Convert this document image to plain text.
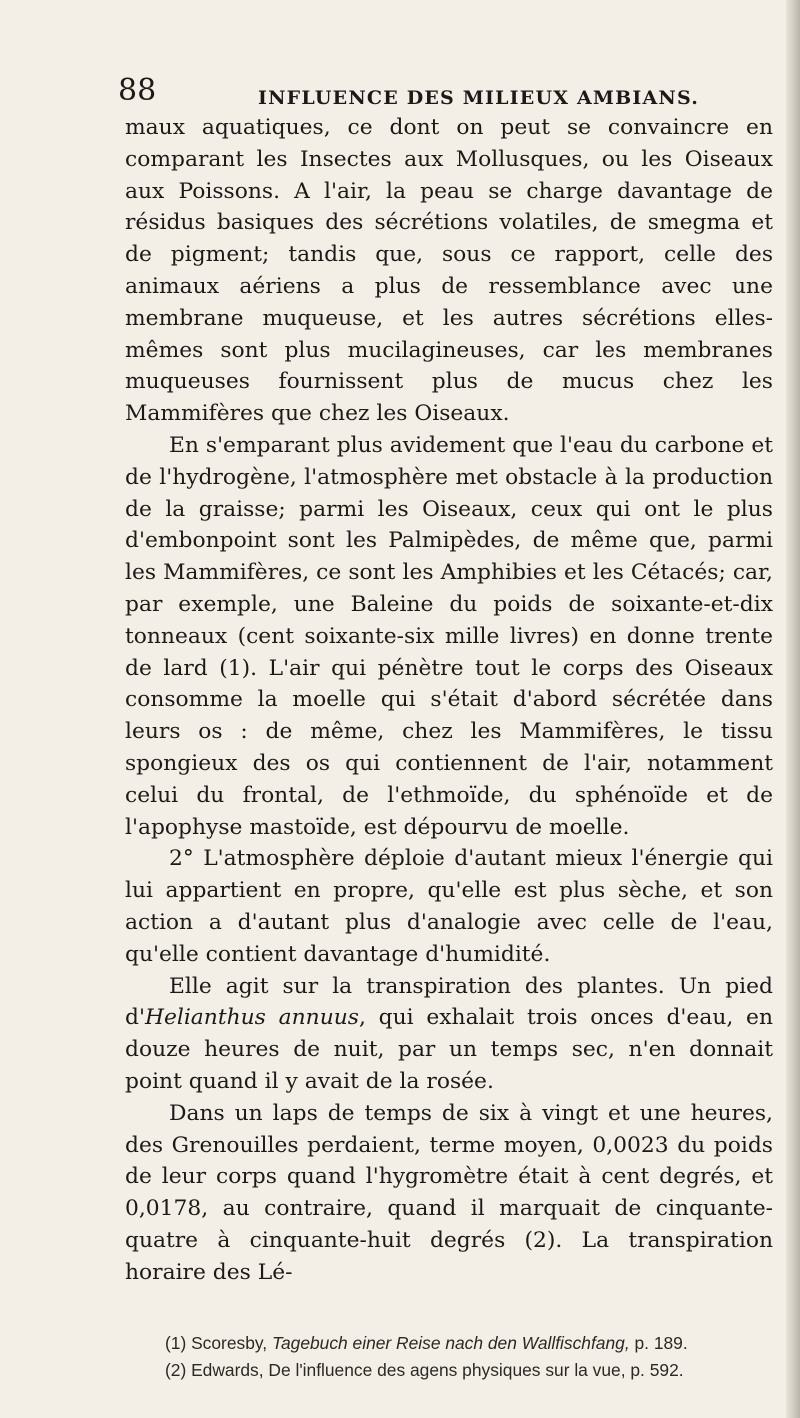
88	INFLUENCE DES MILIEUX AMBIANS.

maux aquatiques, ce dont on peut se convaincre en comparant les Insectes aux Mollusques, ou les Oiseaux aux Poissons. A l'air, la peau se charge davantage de résidus basiques des sécrétions volatiles, de smegma et de pigment; tandis que, sous ce rapport, celle des animaux aériens a plus de ressemblance avec une membrane muqueuse, et les autres sécrétions elles-mêmes sont plus mucilagineuses, car les membranes muqueuses fournissent plus de mucus chez les Mammifères que chez les Oiseaux.

En s'emparant plus avidement que l'eau du carbone et de l'hydrogène, l'atmosphère met obstacle à la production de la graisse; parmi les Oiseaux, ceux qui ont le plus d'embonpoint sont les Palmipèdes, de même que, parmi les Mammifères, ce sont les Amphibies et les Cétacés; car, par exemple, une Baleine du poids de soixante-et-dix tonneaux (cent soixante-six mille livres) en donne trente de lard (1). L'air qui pénètre tout le corps des Oiseaux consomme la moelle qui s'était d'abord sécrétée dans leurs os : de même, chez les Mammifères, le tissu spongieux des os qui contiennent de l'air, notamment celui du frontal, de l'ethmoïde, du sphénoïde et de l'apophyse mastoïde, est dépourvu de moelle.

2° L'atmosphère déploie d'autant mieux l'énergie qui lui appartient en propre, qu'elle est plus sèche, et son action a d'autant plus d'analogie avec celle de l'eau, qu'elle contient davantage d'humidité.

Elle agit sur la transpiration des plantes. Un pied d'Helianthus annuus, qui exhalait trois onces d'eau, en douze heures de nuit, par un temps sec, n'en donnait point quand il y avait de la rosée.

Dans un laps de temps de six à vingt et une heures, des Grenouilles perdaient, terme moyen, 0,0023 du poids de leur corps quand l'hygromètre était à cent degrés, et 0,0178, au contraire, quand il marquait de cinquante-quatre à cinquante-huit degrés (2). La transpiration horaire des Lé-

(1) Scoresby, Tagebuch einer Reise nach den Wallfischfang, p. 189.

(2) Edwards, De l'influence des agens physiques sur la vue, p. 592.
